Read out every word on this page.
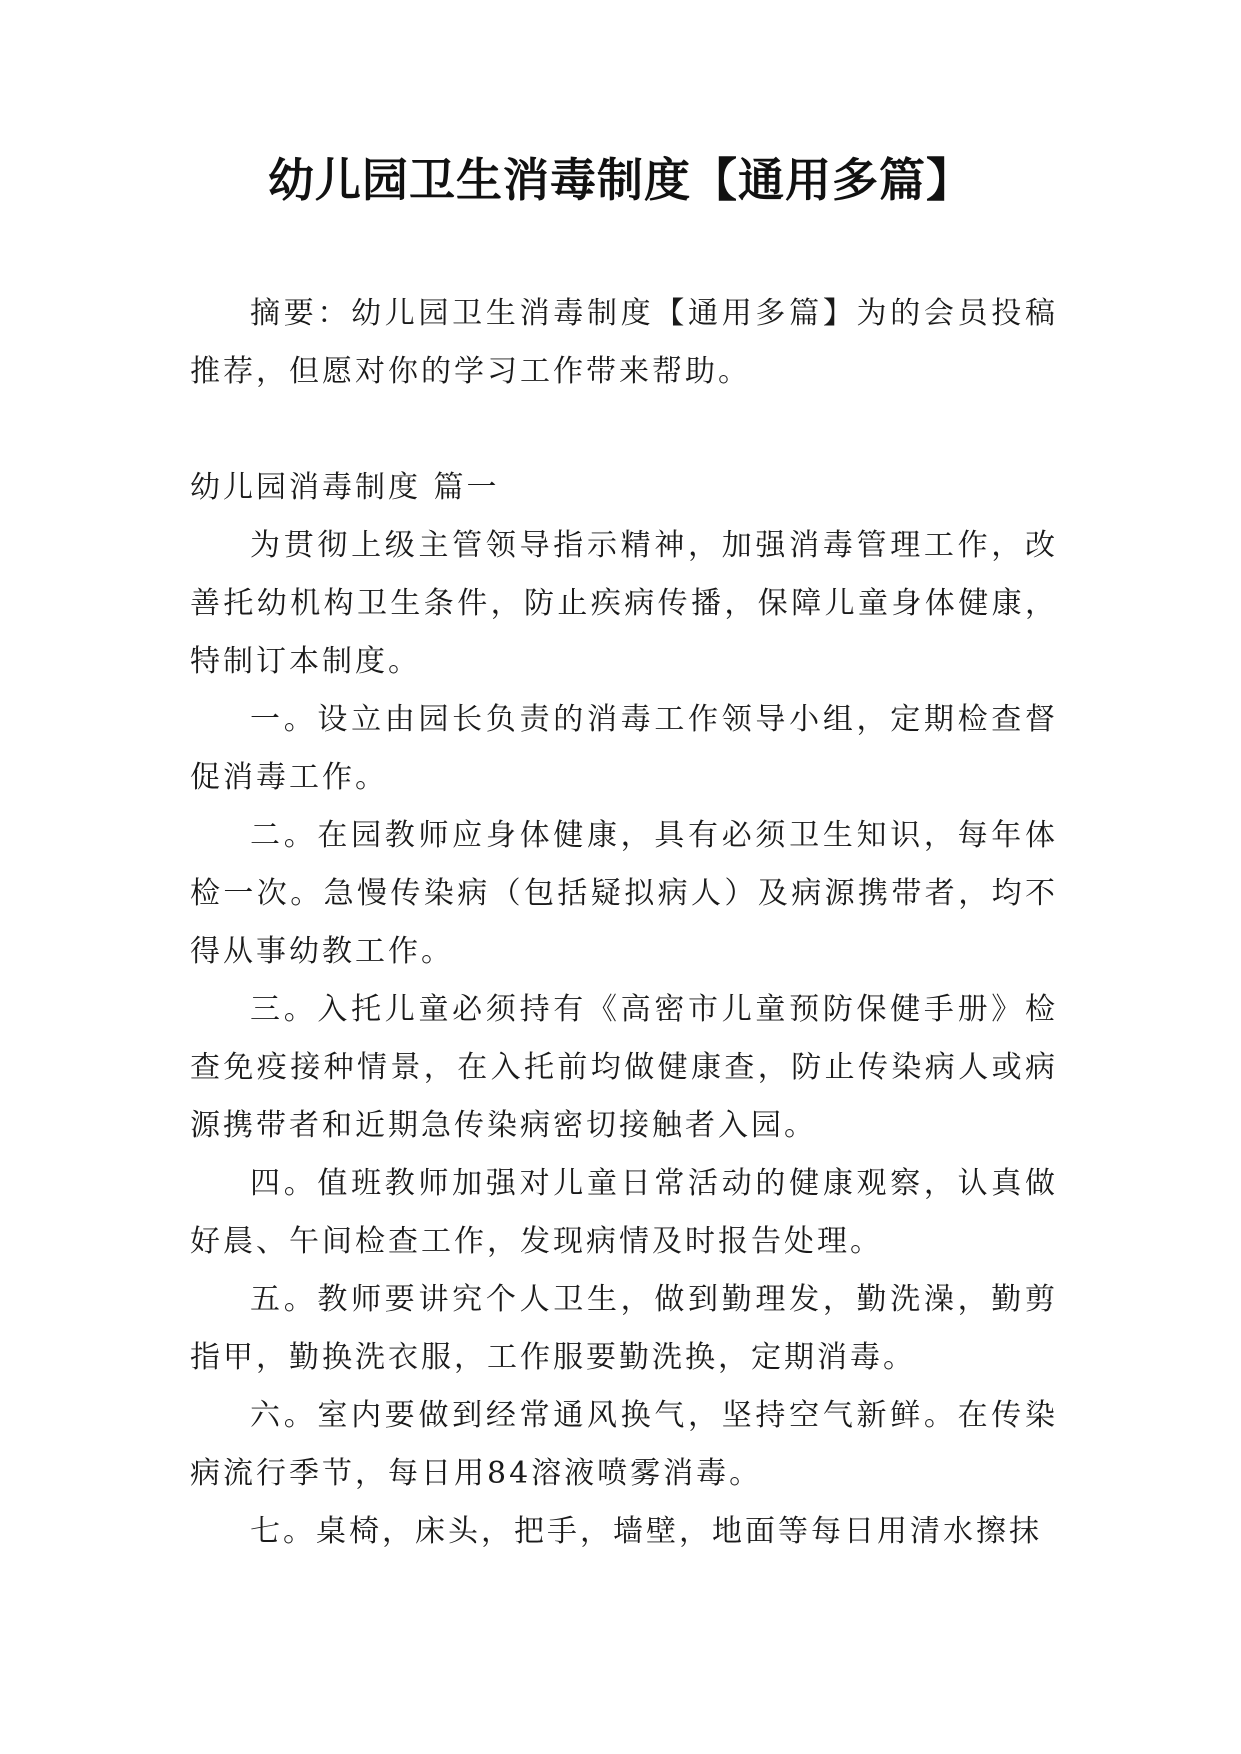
幼儿园卫生消毒制度【通用多篇】

摘要：幼儿园卫生消毒制度【通用多篇】为的会员投稿推荐，但愿对你的学习工作带来帮助。

幼儿园消毒制度 篇一

为贯彻上级主管领导指示精神，加强消毒管理工作，改善托幼机构卫生条件，防止疾病传播，保障儿童身体健康，特制订本制度。

一。设立由园长负责的消毒工作领导小组，定期检查督促消毒工作。

二。在园教师应身体健康，具有必须卫生知识，每年体检一次。急慢传染病（包括疑拟病人）及病源携带者，均不得从事幼教工作。

三。入托儿童必须持有《高密市儿童预防保健手册》检查免疫接种情景，在入托前均做健康查，防止传染病人或病源携带者和近期急传染病密切接触者入园。

四。值班教师加强对儿童日常活动的健康观察，认真做好晨、午间检查工作，发现病情及时报告处理。

五。教师要讲究个人卫生，做到勤理发，勤洗澡，勤剪指甲，勤换洗衣服，工作服要勤洗换，定期消毒。

六。室内要做到经常通风换气，坚持空气新鲜。在传染病流行季节，每日用84溶液喷雾消毒。

七。桌椅，床头，把手，墙壁，地面等每日用清水擦抹
